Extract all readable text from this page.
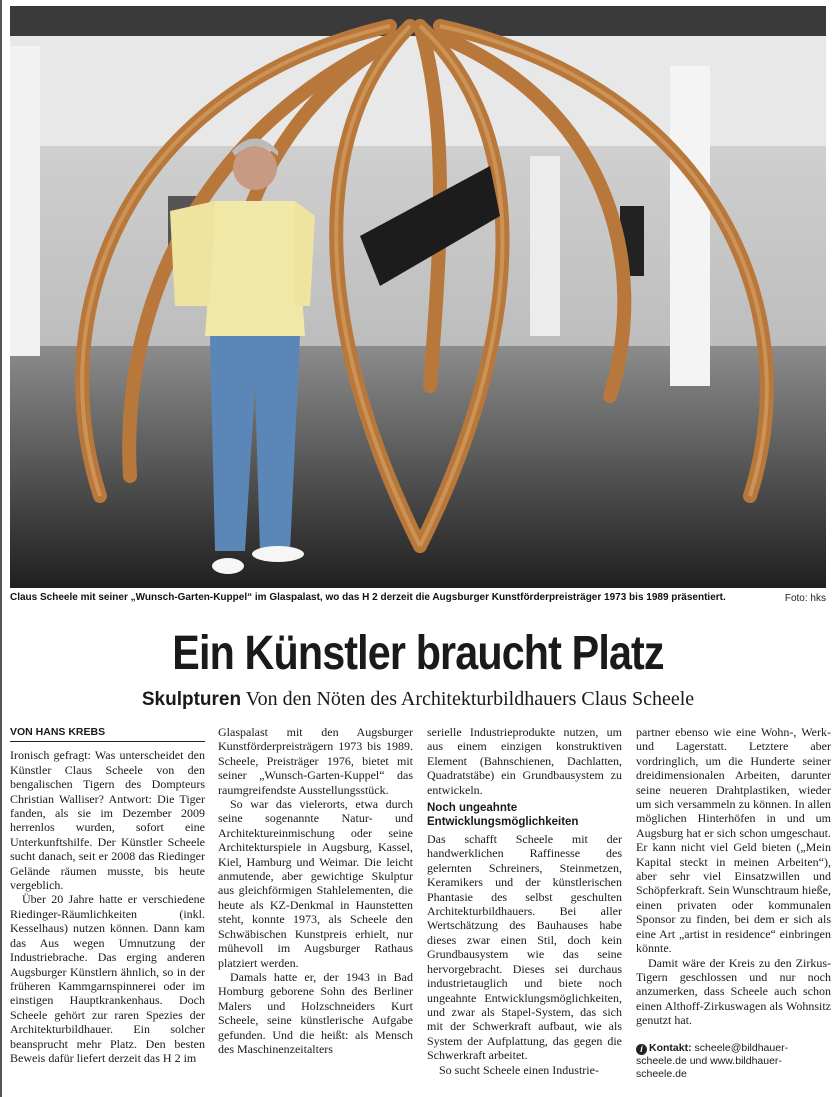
Claus Scheele mit seiner „Wunsch-Garten-Kuppel“ im Glaspalast, wo das H 2 derzeit die Augsburger Kunstförderpreisträger 1973 bis 1989 präsentiert.	Foto: hks
Ein Künstler braucht Platz
Skulpturen Von den Nöten des Architekturbildhauers Claus Scheele
VON HANS KREBS

Ironisch gefragt: Was unterscheidet den Künstler Claus Scheele von den bengalischen Tigern des Dompteurs Christian Walliser? Antwort: Die Tiger fanden, als sie im Dezember 2009 herrenlos wurden, sofort eine Unterkunftshilfe. Der Künstler Scheele sucht danach, seit er 2008 das Riedinger Gelände räumen musste, bis heute vergeblich.

Über 20 Jahre hatte er verschiedene Riedinger-Räumlichkeiten (inkl. Kesselhaus) nutzen können. Dann kam das Aus wegen Umnutzung der Industriebrache. Das erging anderen Augsburger Künstlern ähnlich, so in der früheren Kammgarnspinnerei oder im einstigen Hauptkrankenhaus. Doch Scheele gehört zur raren Spezies der Architekturbildhauer. Ein solcher beansprucht mehr Platz. Den besten Beweis dafür liefert derzeit das H 2 im

Glaspalast mit den Augsburger Kunstförderpreisträgern 1973 bis 1989. Scheele, Preisträger 1976, bietet mit seiner „Wunsch-Garten-Kuppel“ das raumgreifendste Ausstellungsstück.

So war das vielerorts, etwa durch seine sogenannte Natur- und Architektureinmischung oder seine Architekturspiele in Augsburg, Kassel, Kiel, Hamburg und Weimar. Die leicht anmutende, aber gewichtige Skulptur aus gleichförmigen Stahlelementen, die heute als KZ-Denkmal in Haunstetten steht, konnte 1973, als Scheele den Schwäbischen Kunstpreis erhielt, nur mühevoll im Augsburger Rathaus platziert werden.

Damals hatte er, der 1943 in Bad Homburg geborene Sohn des Berliner Malers und Holzschneiders Kurt Scheele, seine künstlerische Aufgabe gefunden. Und die heißt: als Mensch des Maschinenzeitalters

serielle Industrieprodukte nutzen, um aus einem einzigen konstruktiven Element (Bahnschienen, Dachlatten, Quadratstäbe) ein Grundbausystem zu entwickeln.

Noch ungeahnte Entwicklungsmöglichkeiten

Das schafft Scheele mit der handwerklichen Raffinesse des gelernten Schreiners, Steinmetzen, Keramikers und der künstlerischen Phantasie des selbst geschulten Architekturbildhauers. Bei aller Wertschätzung des Bauhauses habe dieses zwar einen Stil, doch kein Grundbausystem wie das seine hervorgebracht. Dieses sei durchaus industrietauglich und biete noch ungeahnte Entwicklungsmöglichkeiten, und zwar als Stapel-System, das sich mit der Schwerkraft aufbaut, wie als System der Aufplattung, das gegen die Schwerkraft arbeitet.

So sucht Scheele einen Industrie-

partner ebenso wie eine Wohn-, Werk- und Lagerstatt. Letztere aber vordringlich, um die Hunderte seiner dreidimensionalen Arbeiten, darunter seine neueren Drahtplastiken, wieder um sich versammeln zu können. In allen möglichen Hinterhöfen in und um Augsburg hat er sich schon umgeschaut. Er kann nicht viel Geld bieten („Mein Kapital steckt in meinen Arbeiten“), aber sehr viel Einsatzwillen und Schöpferkraft. Sein Wunschtraum hieße, einen privaten oder kommunalen Sponsor zu finden, bei dem er sich als eine Art „artist in residence“ einbringen könnte.

Damit wäre der Kreis zu den Zirkus-Tigern geschlossen und nur noch anzumerken, dass Scheele auch schon einen Althoff-Zirkuswagen als Wohnsitz genutzt hat.

i Kontakt: scheele@bildhauer-scheele.de und www.bildhauer-scheele.de
